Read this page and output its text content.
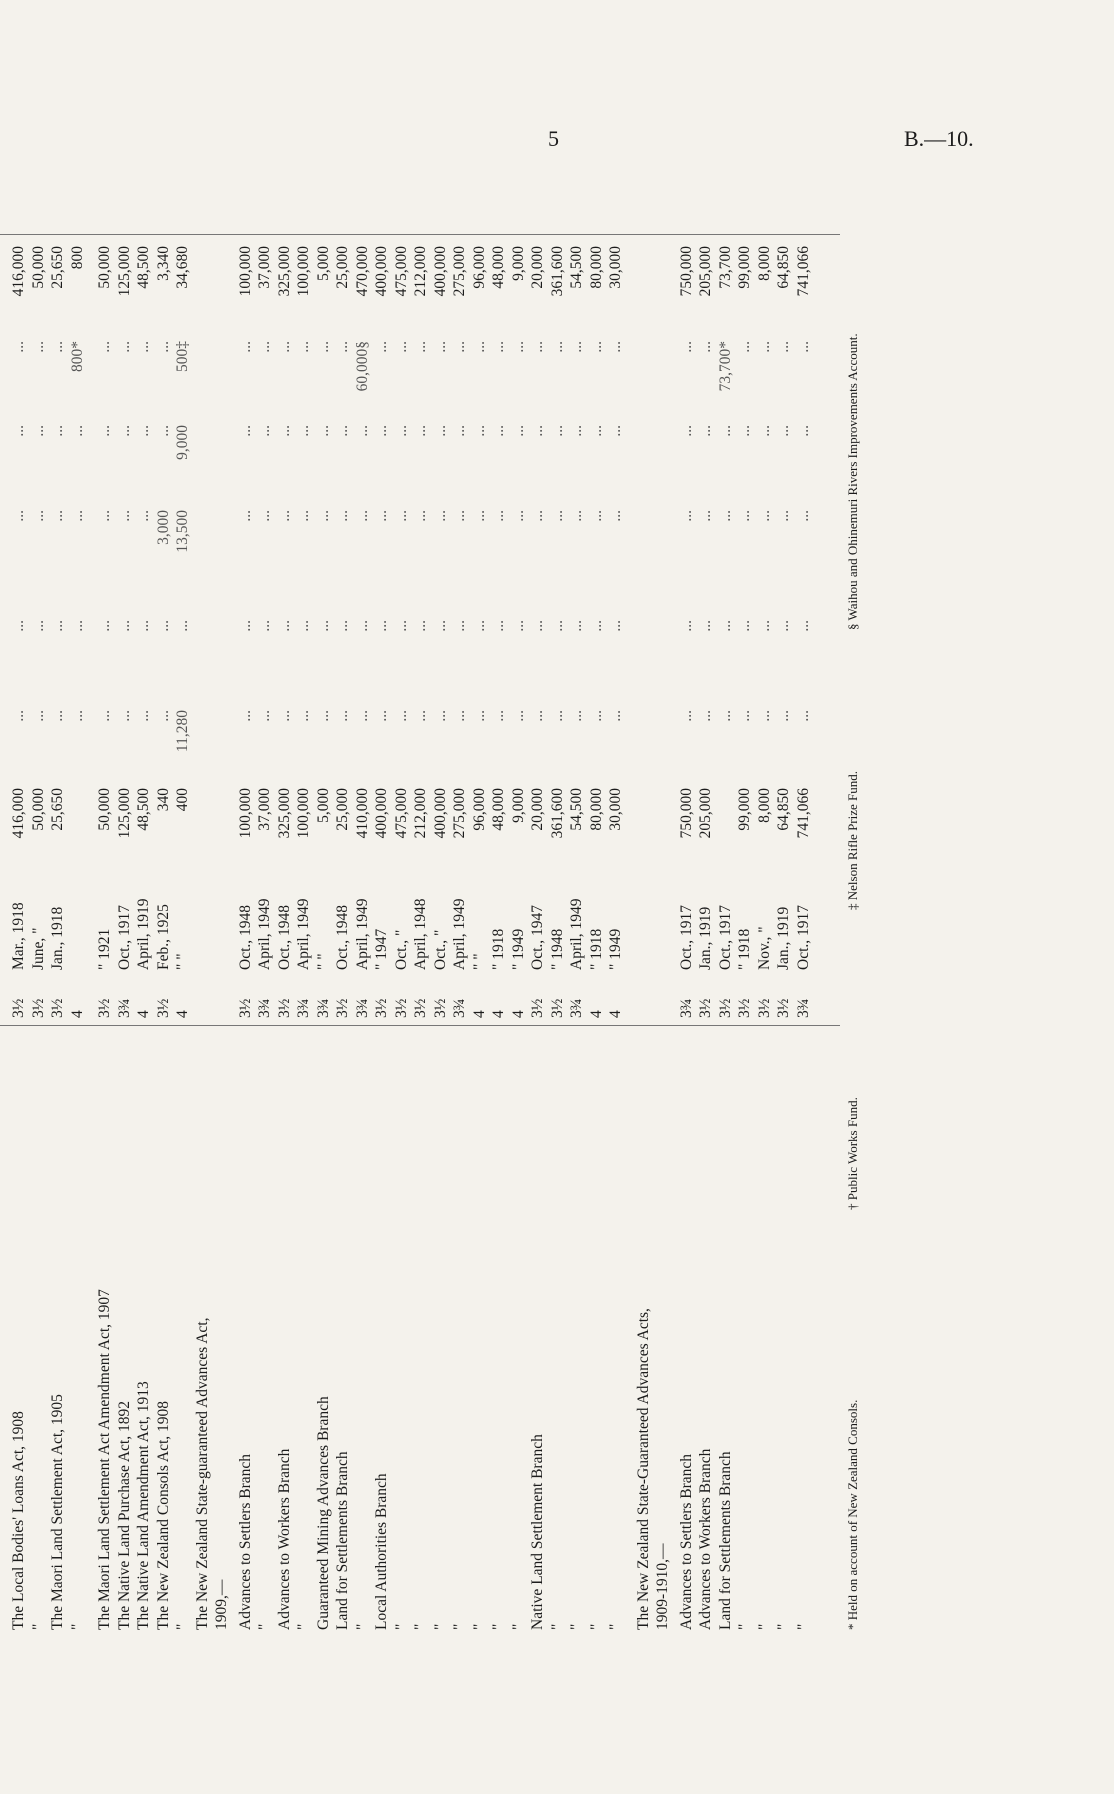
5	B.—10.
The Local Bodies' Loans Act, 1908
3½
Mar., 1918
416,000
...
...
...
...
...
416,000
"
3½
June, "
50,000
...
...
...
...
...
50,000
The Maori Land Settlement Act, 1905
3½
Jan., 1918
25,650
...
...
...
...
...
25,650
"
4
...
...
...
...
800*
800
The Maori Land Settlement Act Amendment Act, 1907
3½
" 1921
50,000
...
...
...
...
...
50,000
The Native Land Purchase Act, 1892
3¾
Oct., 1917
125,000
...
...
...
...
...
125,000
The Native Land Amendment Act, 1913
4
April, 1919
48,500
...
...
...
...
...
48,500
The New Zealand Consols Act, 1908
3½
Feb., 1925
340
...
...
3,000
...
...
3,340
"
4
" "
400
11,280
...
13,500
9,000
500‡
34,680
The New Zealand State-guaranteed Advances Act, 1909,— Advances to Settlers Branch
3½
Oct., 1948
100,000
...
...
...
...
...
100,000
"
3¾
April, 1949
37,000
...
...
...
...
...
37,000
Advances to Workers Branch
3½
Oct., 1948
325,000
...
...
...
...
...
325,000
"
3¾
April, 1949
100,000
...
...
...
...
...
100,000
Guaranteed Mining Advances Branch
3¾
" "
5,000
...
...
...
...
...
5,000
Land for Settlements Branch
3½
Oct., 1948
25,000
...
...
...
...
...
25,000
"
3¾
April, 1949
410,000
...
...
...
...
60,000§
470,000
Local Authorities Branch
3½
" 1947
400,000
...
...
...
...
...
400,000
"
3½
Oct., "
475,000
...
...
...
...
...
475,000
"
3½
April, 1948
212,000
...
...
...
...
...
212,000
"
3½
Oct., "
400,000
...
...
...
...
...
400,000
"
3¾
April, 1949
275,000
...
...
...
...
...
275,000
"
4
" "
96,000
...
...
...
...
...
96,000
"
4
" 1918
48,000
...
...
...
...
...
48,000
"
4
" 1949
9,000
...
...
...
...
...
9,000
Native Land Settlement Branch
3½
Oct., 1947
20,000
...
...
...
...
...
20,000
"
3½
" 1948
361,600
...
...
...
...
...
361,600
"
3¾
April, 1949
54,500
...
...
...
...
...
54,500
"
4
" 1918
80,000
...
...
...
...
...
80,000
"
4
" 1949
30,000
...
...
...
...
...
30,000
The New Zealand State-Guaranteed Advances Acts, 1909-1910,— Advances to Settlers Branch
3¾
Oct., 1917
750,000
...
...
...
...
...
750,000
Advances to Workers Branch
3½
Jan., 1919
205,000
...
...
...
...
...
205,000
Land for Settlements Branch
3½
Oct., 1917
...
...
...
...
73,700*
73,700
"
3½
" 1918
99,000
...
...
...
...
...
99,000
"
3½
Nov., "
8,000
...
...
...
...
...
8,000
"
3½
Jan., 1919
64,850
...
...
...
...
...
64,850
"
3¾
Oct., 1917
741,066
...
...
...
...
...
741,066
* Held on account of New Zealand Consols.
† Public Works Fund.
‡ Nelson Rifle Prize Fund.
§ Waihou and Ohinemuri Rivers Improvements Account.
